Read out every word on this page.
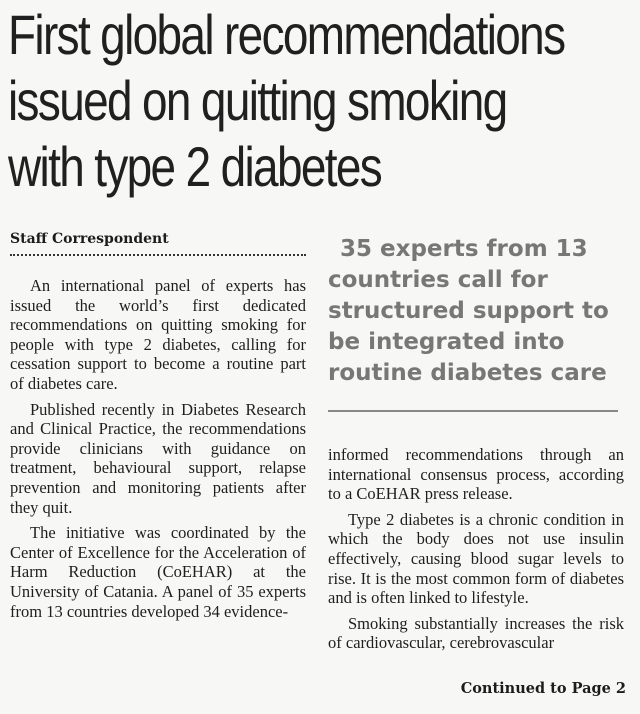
First global recommendations
issued on quitting smoking
with type 2 diabetes
Staff Correspondent

An international panel of experts has issued the world’s first dedicated recommendations on quitting smoking for people with type 2 diabetes, calling for cessation support to become a routine part of diabetes care.

Published recently in Diabetes Research and Clinical Practice, the recommendations provide clinicians with guidance on treatment, behavioural support, relapse prevention and monitoring patients after they quit.

The initiative was coordinated by the Center of Excellence for the Acceleration of Harm Reduction (CoEHAR) at the University of Catania. A panel of 35 experts from 13 countries developed 34 evidence-

35 experts from 13
countries call for
structured support to
be integrated into
routine diabetes care

informed recommendations through an international consensus process, according to a CoEHAR press release.

Type 2 diabetes is a chronic condition in which the body does not use insulin effectively, causing blood sugar levels to rise. It is the most common form of diabetes and is often linked to lifestyle.

Smoking substantially increases the risk of cardiovascular, cerebrovascular

Continued to Page 2
